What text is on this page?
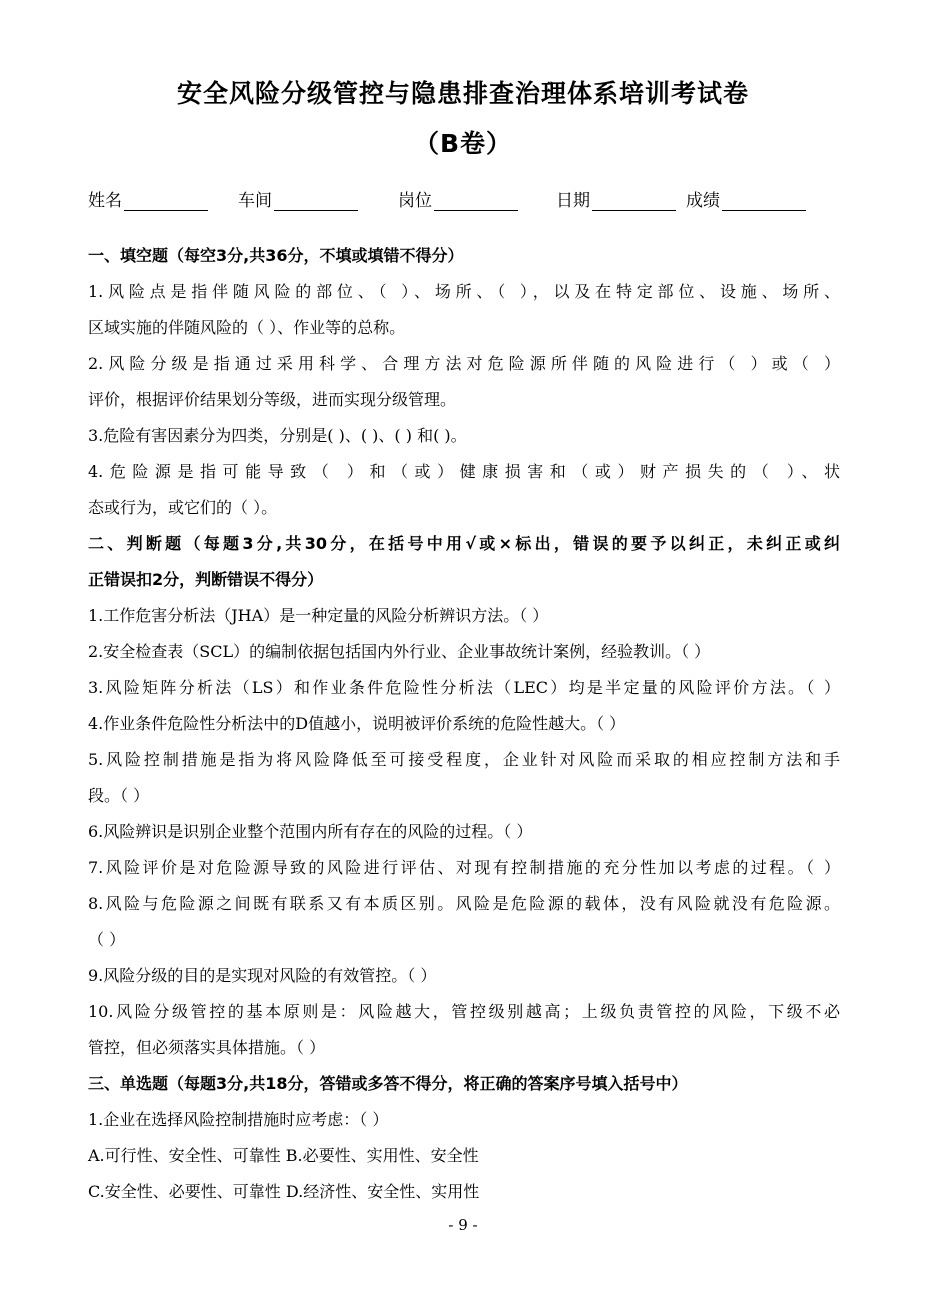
安全风险分级管控与隐患排查治理体系培训考试卷
（B卷）
姓名	车间	岗位	日期	成绩
一、填空题（每空3分,共36分，不填或填错不得分）
1.风险点是指伴随风险的部位、（ ）、场所、（ ），以及在特定部位、设施、场所、
区域实施的伴随风险的（ ）、作业等的总称。
2.风险分级是指通过采用科学、合理方法对危险源所伴随的风险进行（ ）或（ ）
评价，根据评价结果划分等级，进而实现分级管理。
3.危险有害因素分为四类，分别是( )、( )、( ) 和( )。
4.危险源是指可能导致（ ）和（或）健康损害和（或）财产损失的（ ）、状
态或行为，或它们的（ ）。
二、判断题（每题3分,共30分，在括号中用√或×标出，错误的要予以纠正，未纠正或纠
正错误扣2分，判断错误不得分）
1.工作危害分析法（JHA）是一种定量的风险分析辨识方法。（ ）
2.安全检查表（SCL）的编制依据包括国内外行业、企业事故统计案例，经验教训。（ ）
3.风险矩阵分析法（LS）和作业条件危险性分析法（LEC）均是半定量的风险评价方法。（ ）
4.作业条件危险性分析法中的D值越小，说明被评价系统的危险性越大。（ ）
5.风险控制措施是指为将风险降低至可接受程度，企业针对风险而采取的相应控制方法和手
段。（ ）
6.风险辨识是识别企业整个范围内所有存在的风险的过程。（ ）
7.风险评价是对危险源导致的风险进行评估、对现有控制措施的充分性加以考虑的过程。（ ）
8.风险与危险源之间既有联系又有本质区别。风险是危险源的载体，没有风险就没有危险源。
（ ）
9.风险分级的目的是实现对风险的有效管控。（ ）
10.风险分级管控的基本原则是：风险越大，管控级别越高；上级负责管控的风险，下级不必
管控，但必须落实具体措施。（ ）
三、单选题（每题3分,共18分，答错或多答不得分，将正确的答案序号填入括号中）
1.企业在选择风险控制措施时应考虑：（ ）
A.可行性、安全性、可靠性 B.必要性、实用性、安全性
C.安全性、必要性、可靠性 D.经济性、安全性、实用性
- 9 -
